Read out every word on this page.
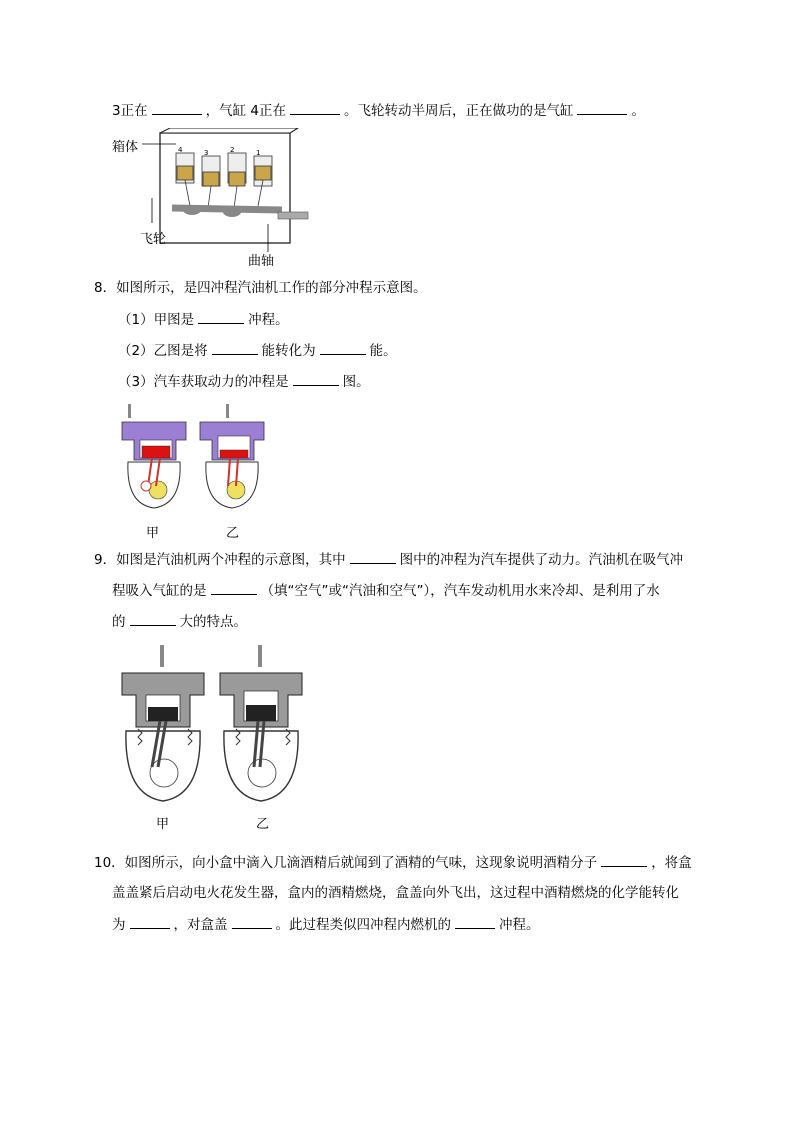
3正在	，气缸 4正在	。飞轮转动半周后，正在做功的是气缸	。
4	3	2	1
箱体
飞轮
曲轴
8．如图所示，是四冲程汽油机工作的部分冲程示意图。
（1）甲图是	冲程。
（2）乙图是将	能转化为	能。
（3）汽车获取动力的冲程是	图。
甲	乙
9．如图是汽油机两个冲程的示意图，其中	图中的冲程为汽车提供了动力。汽油机在吸气冲
程吸入气缸的是	（填“空气”或“汽油和空气”），汽车发动机用水来冷却、是利用了水
的	大的特点。
甲	乙
10．如图所示，向小盒中滴入几滴酒精后就闻到了酒精的气味，这现象说明酒精分子	，将盒
盖盖紧后启动电火花发生器，盒内的酒精燃烧，盒盖向外飞出，这过程中酒精燃烧的化学能转化
为	，对盒盖	。此过程类似四冲程内燃机的	冲程。
